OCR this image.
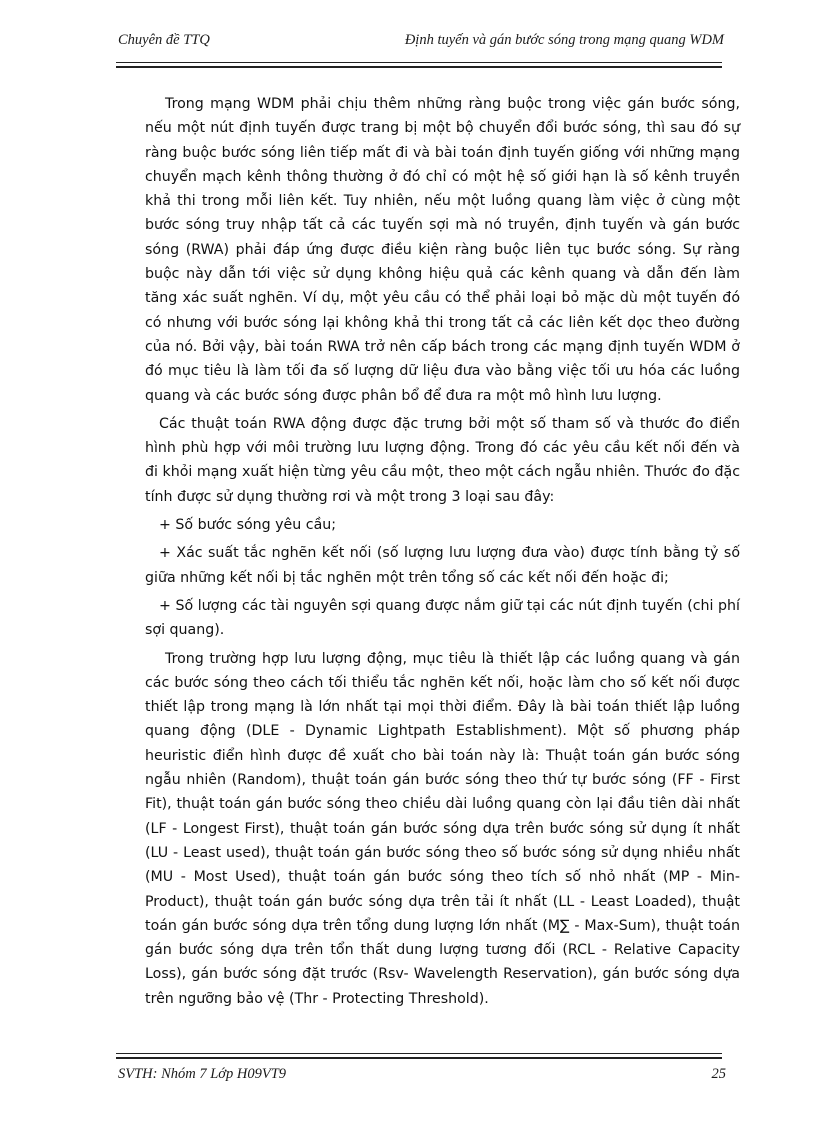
Chuyên đề TTQ	Định tuyến và gán bước sóng trong mạng quang WDM

Trong mạng WDM phải chịu thêm những ràng buộc trong việc gán bước sóng, nếu một nút định tuyến được trang bị một bộ chuyển đổi bước sóng, thì sau đó sự ràng buộc bước sóng liên tiếp mất đi và bài toán định tuyến giống với những mạng chuyển mạch kênh thông thường ở đó chỉ có một hệ số giới hạn là số kênh truyền khả thi trong mỗi liên kết. Tuy nhiên, nếu một luồng quang làm việc ở cùng một bước sóng truy nhập tất cả các tuyến sợi mà nó truyền, định tuyến và gán bước sóng (RWA) phải đáp ứng được điều kiện ràng buộc liên tục bước sóng. Sự ràng buộc này dẫn tới việc sử dụng không hiệu quả các kênh quang và dẫn đến làm tăng xác suất nghẽn. Ví dụ, một yêu cầu có thể phải loại bỏ mặc dù một tuyến đó có nhưng với bước sóng lại không khả thi trong tất cả các liên kết dọc theo đường của nó. Bởi vậy, bài toán RWA trở nên cấp bách trong các mạng định tuyến WDM ở đó mục tiêu là làm tối đa số lượng dữ liệu đưa vào bằng việc tối ưu hóa các luồng quang và các bước sóng được phân bổ để đưa ra một mô hình lưu lượng.

Các thuật toán RWA động được đặc trưng bởi một số tham số và thước đo điển hình phù hợp với môi trường lưu lượng động. Trong đó các yêu cầu kết nối đến và đi khỏi mạng xuất hiện từng yêu cầu một, theo một cách ngẫu nhiên. Thước đo đặc tính được sử dụng thường rơi và một trong 3 loại sau đây:

+ Số bước sóng yêu cầu;

+ Xác suất tắc nghẽn kết nối (số lượng lưu lượng đưa vào) được tính bằng tỷ số giữa những kết nối bị tắc nghẽn một trên tổng số các kết nối đến hoặc đi;

+ Số lượng các tài nguyên sợi quang được nắm giữ tại các nút định tuyến (chi phí sợi quang).

Trong trường hợp lưu lượng động, mục tiêu là thiết lập các luồng quang và gán các bước sóng theo cách tối thiểu tắc nghẽn kết nối, hoặc làm cho số kết nối được thiết lập trong mạng là lớn nhất tại mọi thời điểm. Đây là bài toán thiết lập luồng quang động (DLE - Dynamic Lightpath Establishment). Một số phương pháp heuristic điển hình được đề xuất cho bài toán này là: Thuật toán gán bước sóng ngẫu nhiên (Random), thuật toán gán bước sóng theo thứ tự bước sóng (FF - First Fit), thuật toán gán bước sóng theo chiều dài luồng quang còn lại đầu tiên dài nhất (LF - Longest First), thuật toán gán bước sóng dựa trên bước sóng sử dụng ít nhất (LU - Least used), thuật toán gán bước sóng theo số bước sóng sử dụng nhiều nhất (MU - Most Used), thuật toán gán bước sóng theo tích số nhỏ nhất (MP - Min-Product), thuật toán gán bước sóng dựa trên tải ít nhất (LL - Least Loaded), thuật toán gán bước sóng dựa trên tổng dung lượng lớn nhất (M∑ - Max-Sum), thuật toán gán bước sóng dựa trên tổn thất dung lượng tương đối (RCL - Relative Capacity Loss), gán bước sóng đặt trước (Rsv- Wavelength Reservation), gán bước sóng dựa trên ngưỡng bảo vệ (Thr - Protecting Threshold).

SVTH: Nhóm 7 Lớp H09VT9	25
